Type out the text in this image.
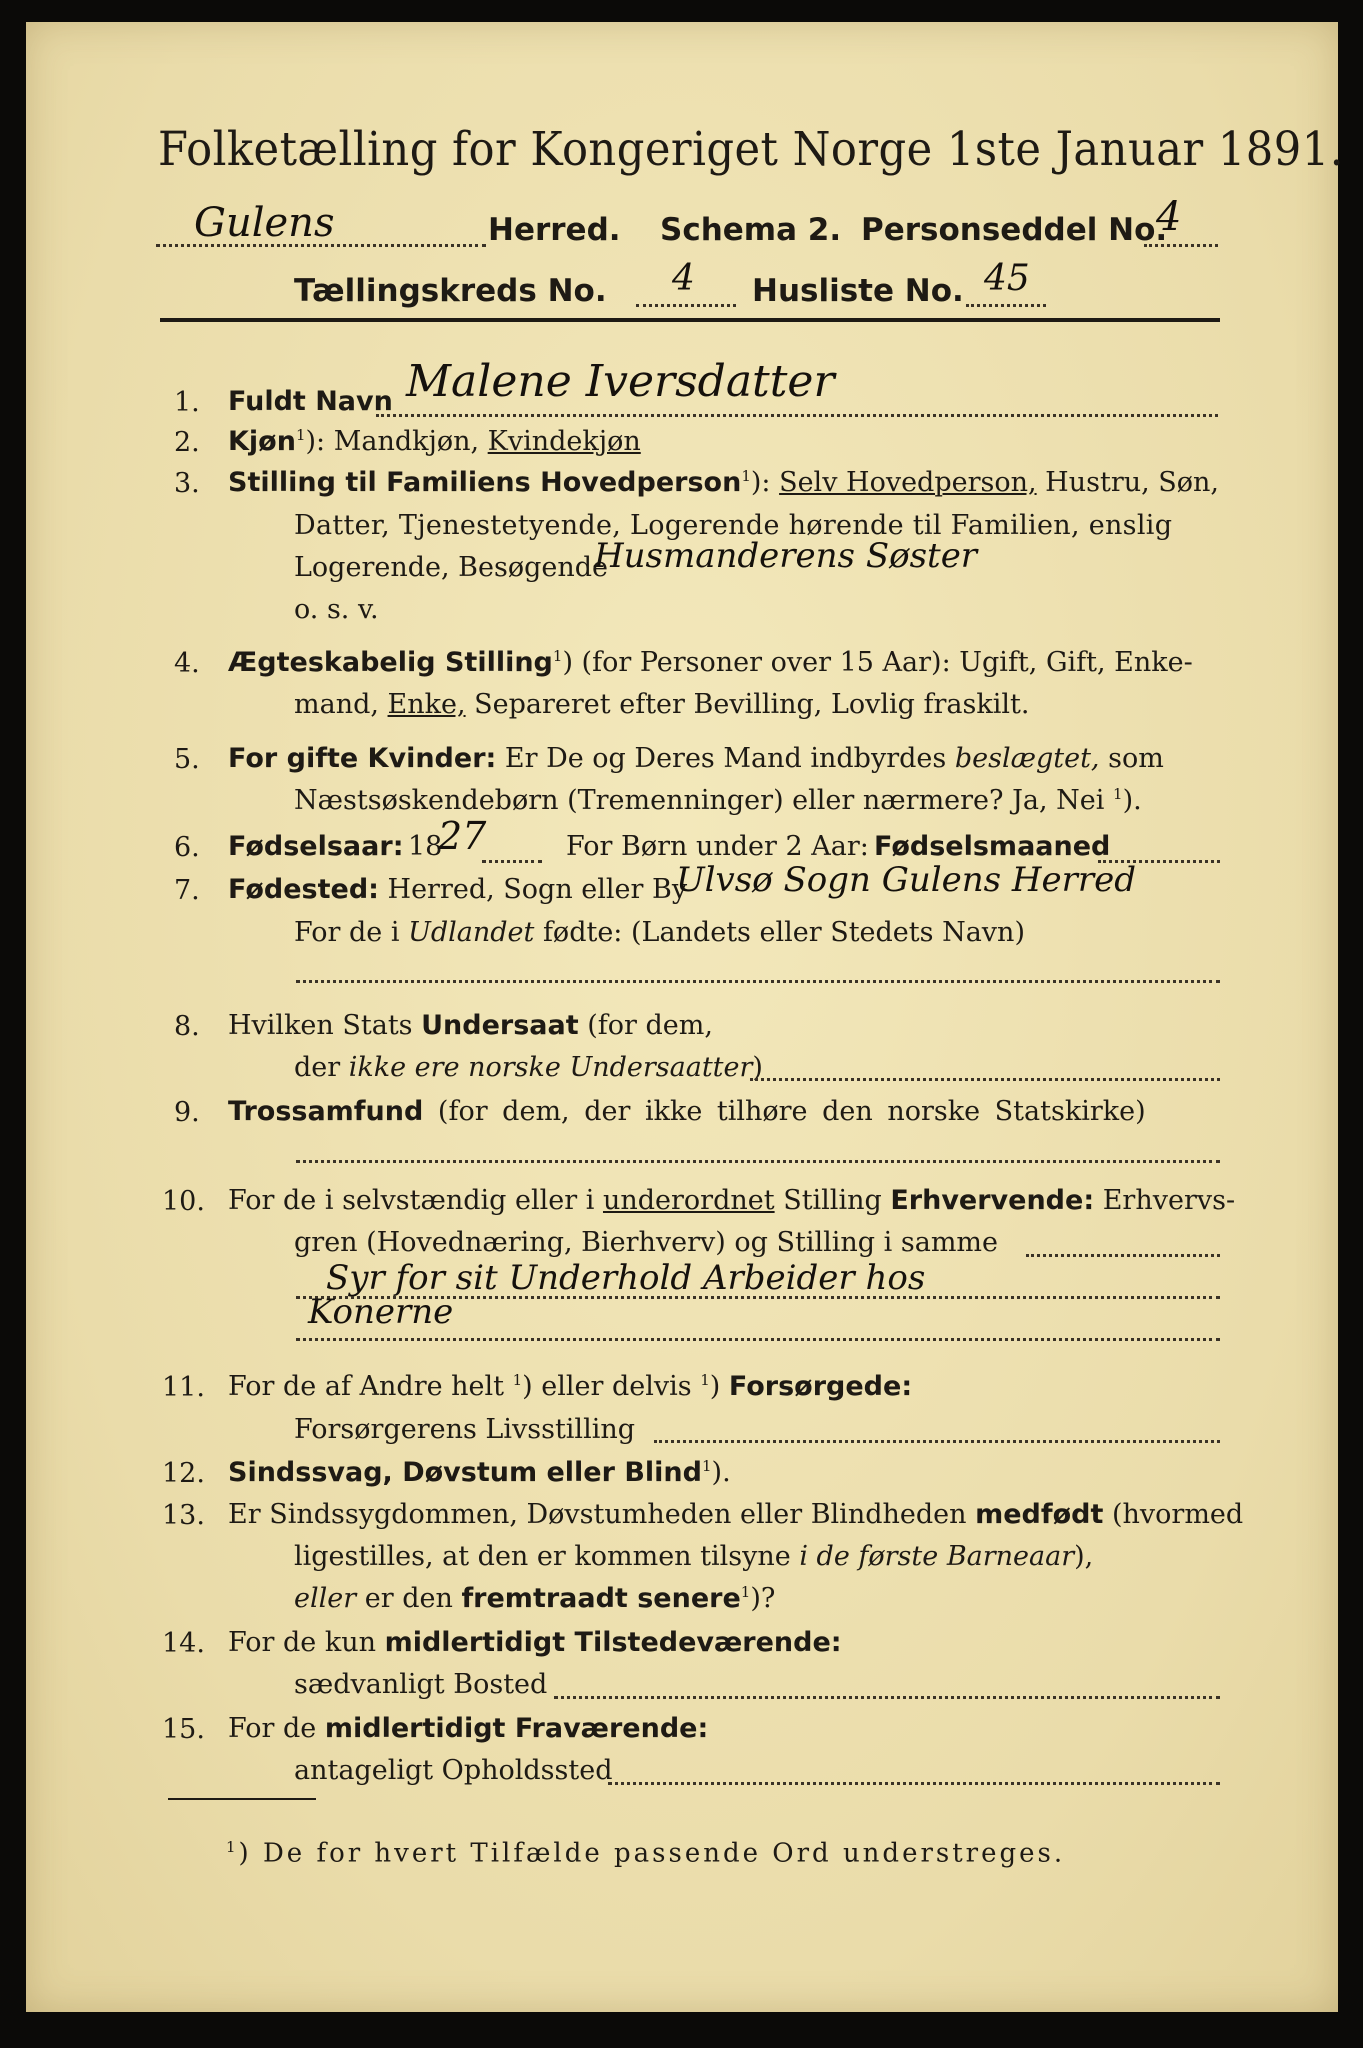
Folketælling for Kongeriget Norge 1ste Januar 1891.
Gulens	Herred. Schema 2. Personseddel No.
4
Tællingskreds No. 4 Husliste No. 45
1. Fuldt Navn Malene Iversdatter
2. Kjøn$^1$): Mandkjøn, Kvindekjøn
3. Stilling til Familiens Hovedperson$^1$): Selv Hovedperson, Hustru, Søn,
Datter, Tjenestetyende, Logerende hørende til Familien, enslig
Logerende, Besøgende
Husmanderens Søster
o. s. v.
4. Ægteskabelig Stilling$^1$) (for Personer over 15 Aar): Ugift, Gift, Enke-
mand, Enke, Separeret efter Bevilling, Lovlig fraskilt.
5. For gifte Kvinder: Er De og Deres Mand indbyrdes beslægtet, som
Næstsøskendebørn (Tremenninger) eller nærmere? Ja, Nei $^1$).
6. Fødselsaar: 18
27	For Børn under 2 Aar: Fødselsmaaned
7. Fødested: Herred, Sogn eller By
Ulvsø Sogn Gulens Herred
For de i Udlandet fødte: (Landets eller Stedets Navn)
8. Hvilken Stats Undersaat (for dem,
der ikke ere norske Undersaatter)
9. Trossamfund (for dem, der ikke tilhøre den norske Statskirke)
10. For de i selvstændig eller i underordnet Stilling Erhvervende: Erhvervs-
gren (Hovednæring, Bierhverv) og Stilling i samme
Syr for sit Underhold Arbeider hos
Konerne
11. For de af Andre helt $^1$) eller delvis $^1$) Forsørgede:
Forsørgerens Livsstilling
12. Sindssvag, Døvstum eller Blind$^1$).
13. Er Sindssygdommen, Døvstumheden eller Blindheden medfødt (hvormed
ligestilles, at den er kommen tilsyne i de første Barneaar),
eller er den fremtraadt senere$^1$)?
14. For de kun midlertidigt Tilstedeværende:
sædvanligt Bosted
15. For de midlertidigt Fraværende:
antageligt Opholdssted
$^1$) De for hvert Tilfælde passende Ord understreges.
